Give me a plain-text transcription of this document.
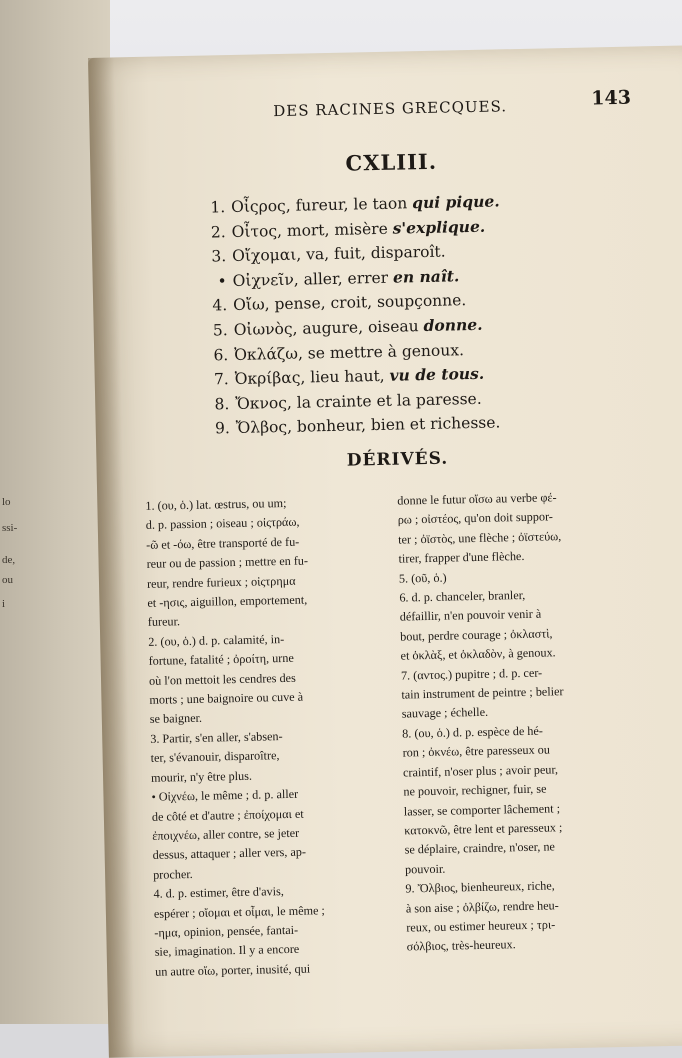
lo
ssi-
de,
ou
i
DES RACINES GRECQUES.	143
CXLIII.
1. Οἶςρος, fureur, le taon qui pique.
2. Οἶτος, mort, misère s'explique.
3. Οἴχομαι, va, fuit, disparoît.
• Οἰχνεῖν, aller, errer en naît.
4. Οἴω, pense, croit, soupçonne.
5. Οἰωνὸς, augure, oiseau donne.
6. Ὀκλάζω, se mettre à genoux.
7. Ὀκρίβας, lieu haut, vu de tous.
8. Ὄκνος, la crainte et la paresse.
9. Ὄλβος, bonheur, bien et richesse.
DÉRIVÉS.

1. (ου, ὁ.) lat. œstrus, ou um;

d. p. passion ; oiseau ; οἰςτράω,

-ῶ et -όω, être transporté de fu-

reur ou de passion ; mettre en fu-

reur, rendre furieux ; οἰςτρημα

et -ησις, aiguillon, emportement,

fureur.

2. (ου, ὁ.) d. p. calamité, in-

fortune, fatalité ; ὀροίτη, urne

où l'on mettoit les cendres des

morts ; une baignoire ou cuve à

se baigner.

3. Partir, s'en aller, s'absen-

ter, s'évanouir, disparoître,

mourir, n'y être plus.

• Οἰχνέω, le même ; d. p. aller

de côté et d'autre ; ἐποίχομαι et

ἐποιχνέω, aller contre, se jeter

dessus, attaquer ; aller vers, ap-

procher.

4. d. p. estimer, être d'avis,

espérer ; οἴομαι et οἶμαι, le même ;

-ημα, opinion, pensée, fantai-

sie, imagination. Il y a encore

un autre οἴω, porter, inusité, qui

donne le futur οἴσω au verbe φέ-

ρω ; οἰστέος, qu'on doit suppor-

ter ; ὀϊστὸς, une flèche ; ὀϊστεύω,

tirer, frapper d'une flèche.

5. (οῦ, ὁ.)

6. d. p. chanceler, branler,

défaillir, n'en pouvoir venir à

bout, perdre courage ; ὀκλαστὶ,

et ὀκλὰξ, et ὀκλαδὸν, à genoux.

7. (αντος.) pupitre ; d. p. cer-

tain instrument de peintre ; belier

sauvage ; échelle.

8. (ου, ὁ.) d. p. espèce de hé-

ron ; ὀκνέω, être paresseux ou

craintif, n'oser plus ; avoir peur,

ne pouvoir, rechigner, fuir, se

lasser, se comporter lâchement ;

κατοκνῶ, être lent et paresseux ;

se déplaire, craindre, n'oser, ne

pouvoir.

9. Ὄλβιος, bienheureux, riche,

à son aise ; ὀλβίζω, rendre heu-

reux, ou estimer heureux ; τρι-

σόλβιος, très-heureux.
